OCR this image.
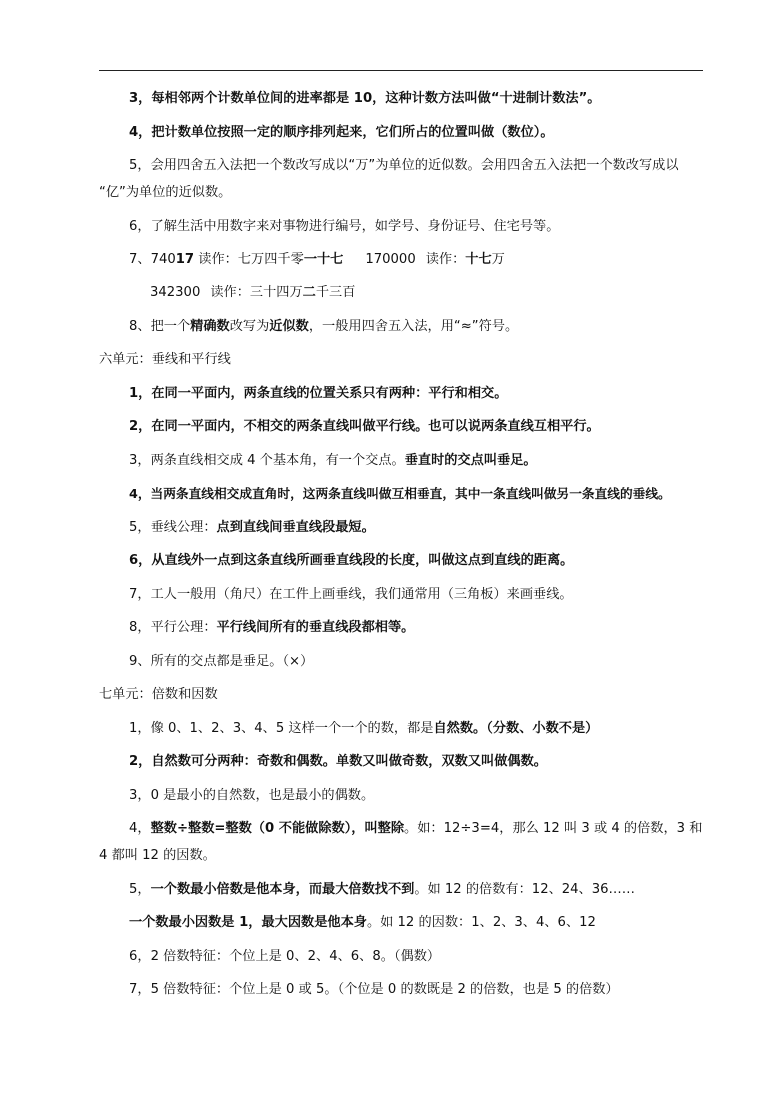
3，每相邻两个计数单位间的进率都是 10，这种计数方法叫做“十进制计数法”。
4，把计数单位按照一定的顺序排列起来，它们所占的位置叫做（数位）。
5，会用四舍五入法把一个数改写成以“万”为单位的近似数。会用四舍五入法把一个数改写成以
“亿”为单位的近似数。
6，了解生活中用数字来对事物进行编号，如学号、身份证号、住宅号等。
7、74017 读作：七万四千零一十七 170000 读作：十七万
342300 读作：三十四万二千三百
8、把一个精确数改写为近似数，一般用四舍五入法，用“≈”符号。
六单元：垂线和平行线
1，在同一平面内，两条直线的位置关系只有两种：平行和相交。
2，在同一平面内，不相交的两条直线叫做平行线。也可以说两条直线互相平行。
3，两条直线相交成 4 个基本角，有一个交点。垂直时的交点叫垂足。
4，当两条直线相交成直角时，这两条直线叫做互相垂直，其中一条直线叫做另一条直线的垂线。
5，垂线公理：点到直线间垂直线段最短。
6，从直线外一点到这条直线所画垂直线段的长度，叫做这点到直线的距离。
7，工人一般用（角尺）在工件上画垂线，我们通常用（三角板）来画垂线。
8，平行公理：平行线间所有的垂直线段都相等。
9、所有的交点都是垂足。（×）
七单元：倍数和因数
1，像 0、1、2、3、4、5 这样一个一个的数，都是自然数。（分数、小数不是）
2，自然数可分两种：奇数和偶数。单数又叫做奇数，双数又叫做偶数。
3，0 是最小的自然数，也是最小的偶数。
4，整数÷整数=整数（0 不能做除数），叫整除。如：12÷3=4，那么 12 叫 3 或 4 的倍数，3 和
4 都叫 12 的因数。
5，一个数最小倍数是他本身，而最大倍数找不到。如 12 的倍数有：12、24、36……
一个数最小因数是 1，最大因数是他本身。如 12 的因数：1、2、3、4、6、12
6，2 倍数特征：个位上是 0、2、4、6、8。（偶数）
7，5 倍数特征：个位上是 0 或 5。（个位是 0 的数既是 2 的倍数，也是 5 的倍数）
